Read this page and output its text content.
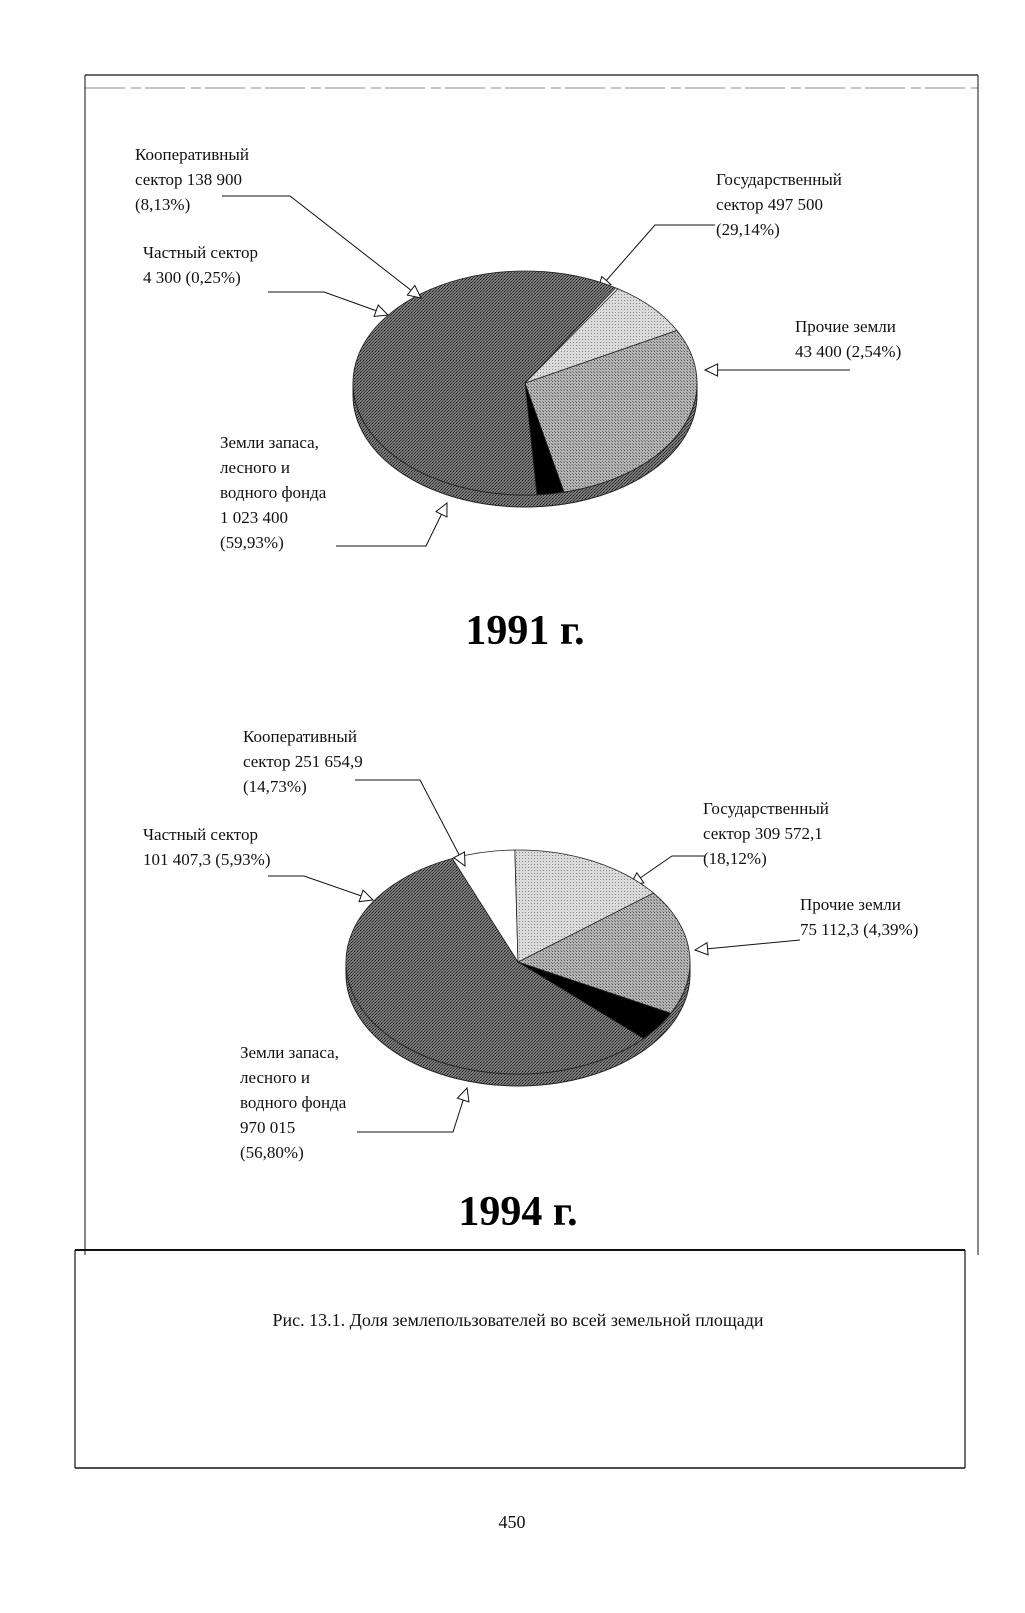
Государственный сектор 497 500 (29,14%)
Прочие земли 43 400 (2,54%)
Земли запаса, лесного и водного фонда 1 023 400 (59,93%)
Частный сектор 4 300 (0,25%)
Кооперативный сектор 138 900 (8,13%)
Государственный сектор 309 572,1 (18,12%)
Прочие земли 75 112,3 (4,39%)
Земли запаса, лесного и водного фонда 970 015 (56,80%)
Частный сектор 101 407,3 (5,93%)
Кооперативный сектор 251 654,9 (14,73%)
1991 г.
1994 г.
Рис. 13.1. Доля землепользователей во всей земельной площади
450
